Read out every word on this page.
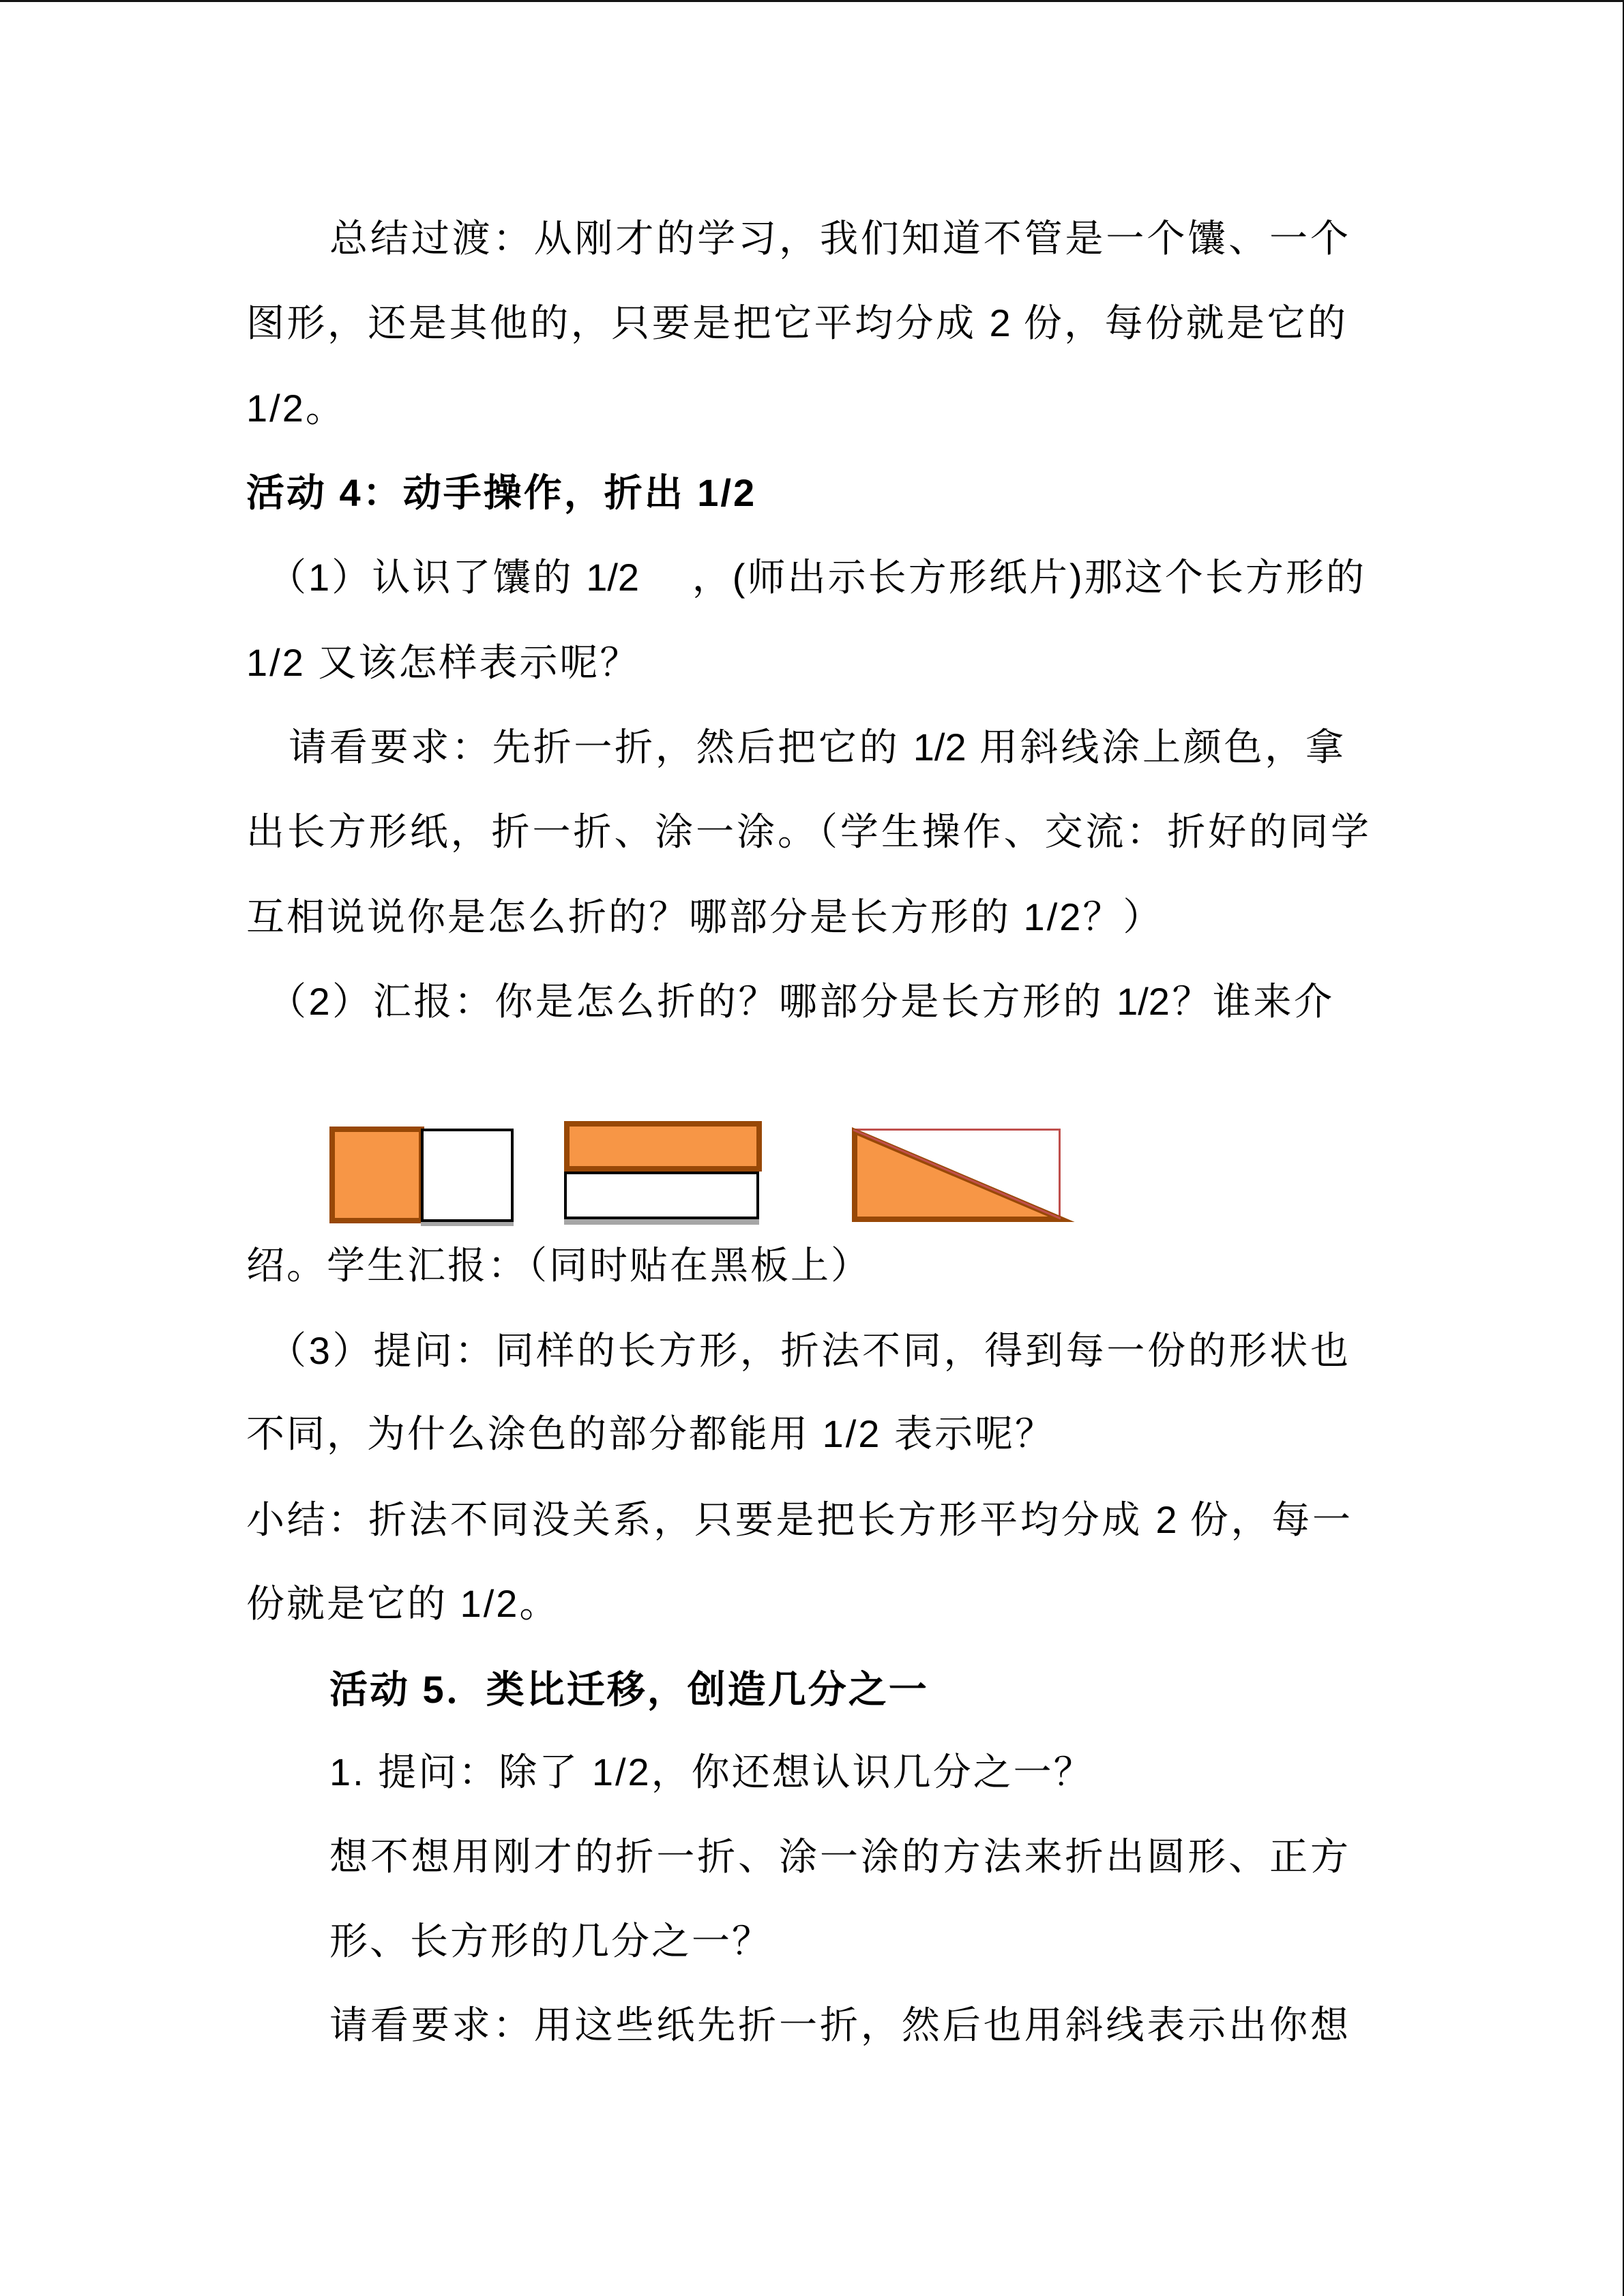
总结过渡：从刚才的学习，我们知道不管是一个馕、一个
图形，还是其他的，只要是把它平均分成 2 份，每份就是它的
1/2。
活动 4：动手操作，折出 1/2
（1）认识了馕的 1/2 　，(师出示长方形纸片)那这个长方形的
1/2 又该怎样表示呢？
请看要求：先折一折，然后把它的 1/2 用斜线涂上颜色，拿
出长方形纸，折一折、涂一涂。（学生操作、交流：折好的同学
互相说说你是怎么折的？哪部分是长方形的 1/2？）
（2）汇报：你是怎么折的？哪部分是长方形的 1/2？谁来介
绍。学生汇报：（同时贴在黑板上）
（3）提问：同样的长方形，折法不同，得到每一份的形状也
不同，为什么涂色的部分都能用 1/2 表示呢？
小结：折法不同没关系，只要是把长方形平均分成 2 份，每一
份就是它的 1/2。
活动 5．类比迁移，创造几分之一
1. 提问：除了 1/2，你还想认识几分之一？
想不想用刚才的折一折、涂一涂的方法来折出圆形、正方
形、长方形的几分之一？
请看要求：用这些纸先折一折，然后也用斜线表示出你想
